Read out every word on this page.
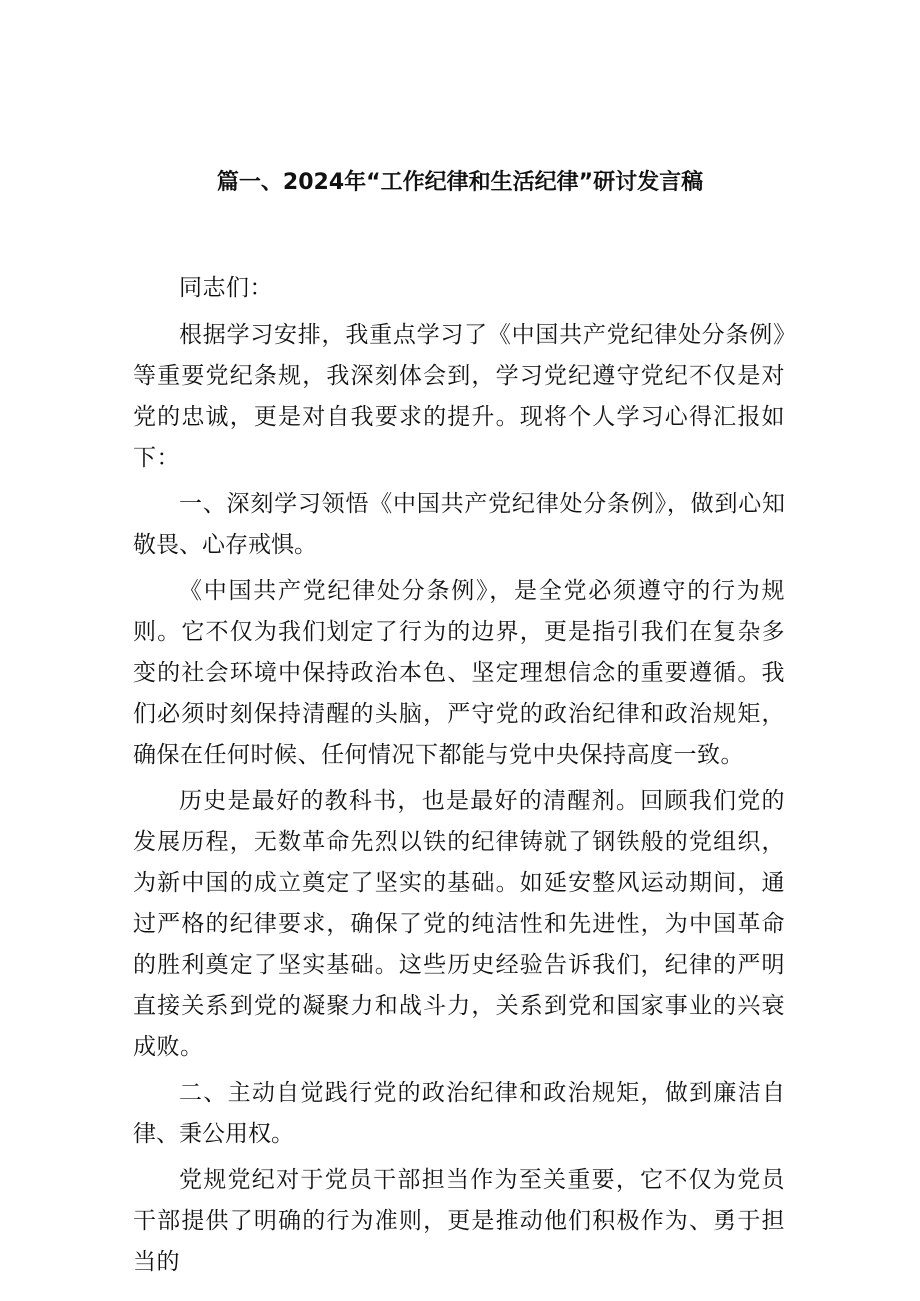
篇一、2024年“工作纪律和生活纪律”研讨发言稿

同志们：

根据学习安排，我重点学习了《中国共产党纪律处分条例》等重要党纪条规，我深刻体会到，学习党纪遵守党纪不仅是对党的忠诚，更是对自我要求的提升。现将个人学习心得汇报如下：

一、深刻学习领悟《中国共产党纪律处分条例》，做到心知敬畏、心存戒惧。

《中国共产党纪律处分条例》，是全党必须遵守的行为规则。它不仅为我们划定了行为的边界，更是指引我们在复杂多变的社会环境中保持政治本色、坚定理想信念的重要遵循。我们必须时刻保持清醒的头脑，严守党的政治纪律和政治规矩，确保在任何时候、任何情况下都能与党中央保持高度一致。

历史是最好的教科书，也是最好的清醒剂。回顾我们党的发展历程，无数革命先烈以铁的纪律铸就了钢铁般的党组织，为新中国的成立奠定了坚实的基础。如延安整风运动期间，通过严格的纪律要求，确保了党的纯洁性和先进性，为中国革命的胜利奠定了坚实基础。这些历史经验告诉我们，纪律的严明直接关系到党的凝聚力和战斗力，关系到党和国家事业的兴衰成败。

二、主动自觉践行党的政治纪律和政治规矩，做到廉洁自律、秉公用权。

党规党纪对于党员干部担当作为至关重要，它不仅为党员干部提供了明确的行为准则，更是推动他们积极作为、勇于担当的
